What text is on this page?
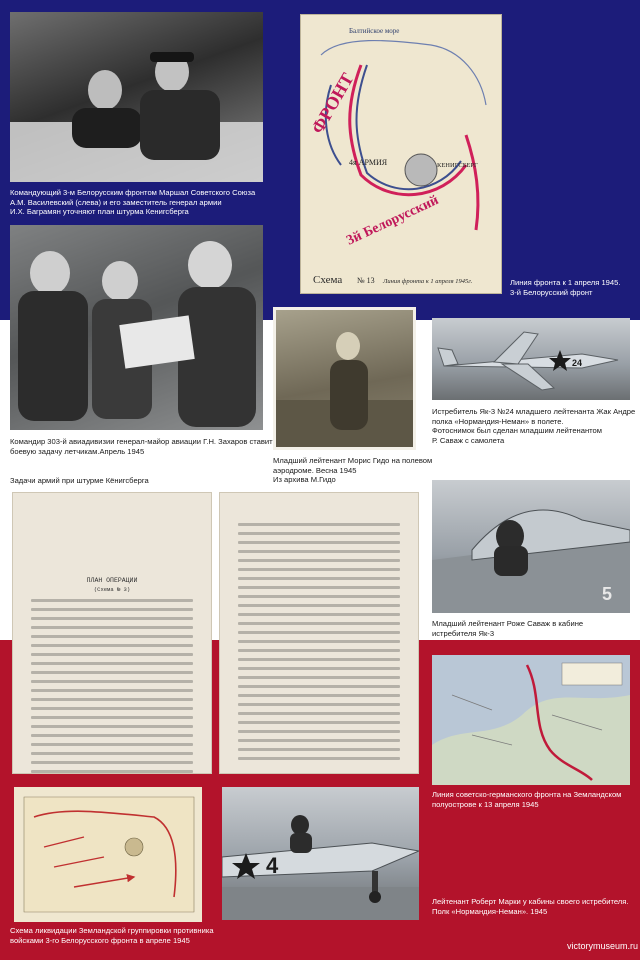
Командующий 3-м Белорусским фронтом Маршал Советского Союза
А.М. Василевский (слева) и его заместитель генерал армии
И.Х. Баграмян уточняют план штурма Кенигсберга
Балтийское море
4я АРМИЯ	КЕНИГСБЕРГ
ФРОНТ
3й Белорусский
Схема № 13 Линия фронта к 1 апреля 1945г.	Линия фронта к 1 апреля 1945.
3-й Белорусский фронт
Командир 303-й авиадивизии генерал-майор авиации Г.Н. Захаров ставит
боевую задачу летчикам.Апрель 1945
Младший лейтенант Морис Гидо на полевом
аэродроме. Весна 1945
Из архива М.Гидо
24
Истребитель Як-3 №24 младшего лейтенанта Жак Андре
полка «Нормандия-Неман» в полете.
Фотоснимок был сделан младшим лейтенантом
Р. Саваж с самолета
Задачи армий при штурме Кёнигсберга
ПЛАН ОПЕРАЦИИ
(Схема № 3)	5
Младший лейтенант Роже Саваж в кабине
истребителя Як-3
Линия советско-германского фронта на Земландском
полуострове к 13 апреля 1945
Схема ликвидации Земландской группировки противника
войсками 3-го Белорусского фронта в апреле 1945
4
Лейтенант Роберт Марки у кабины своего истребителя.
Полк «Нормандия-Неман». 1945
victorymuseum.ru
